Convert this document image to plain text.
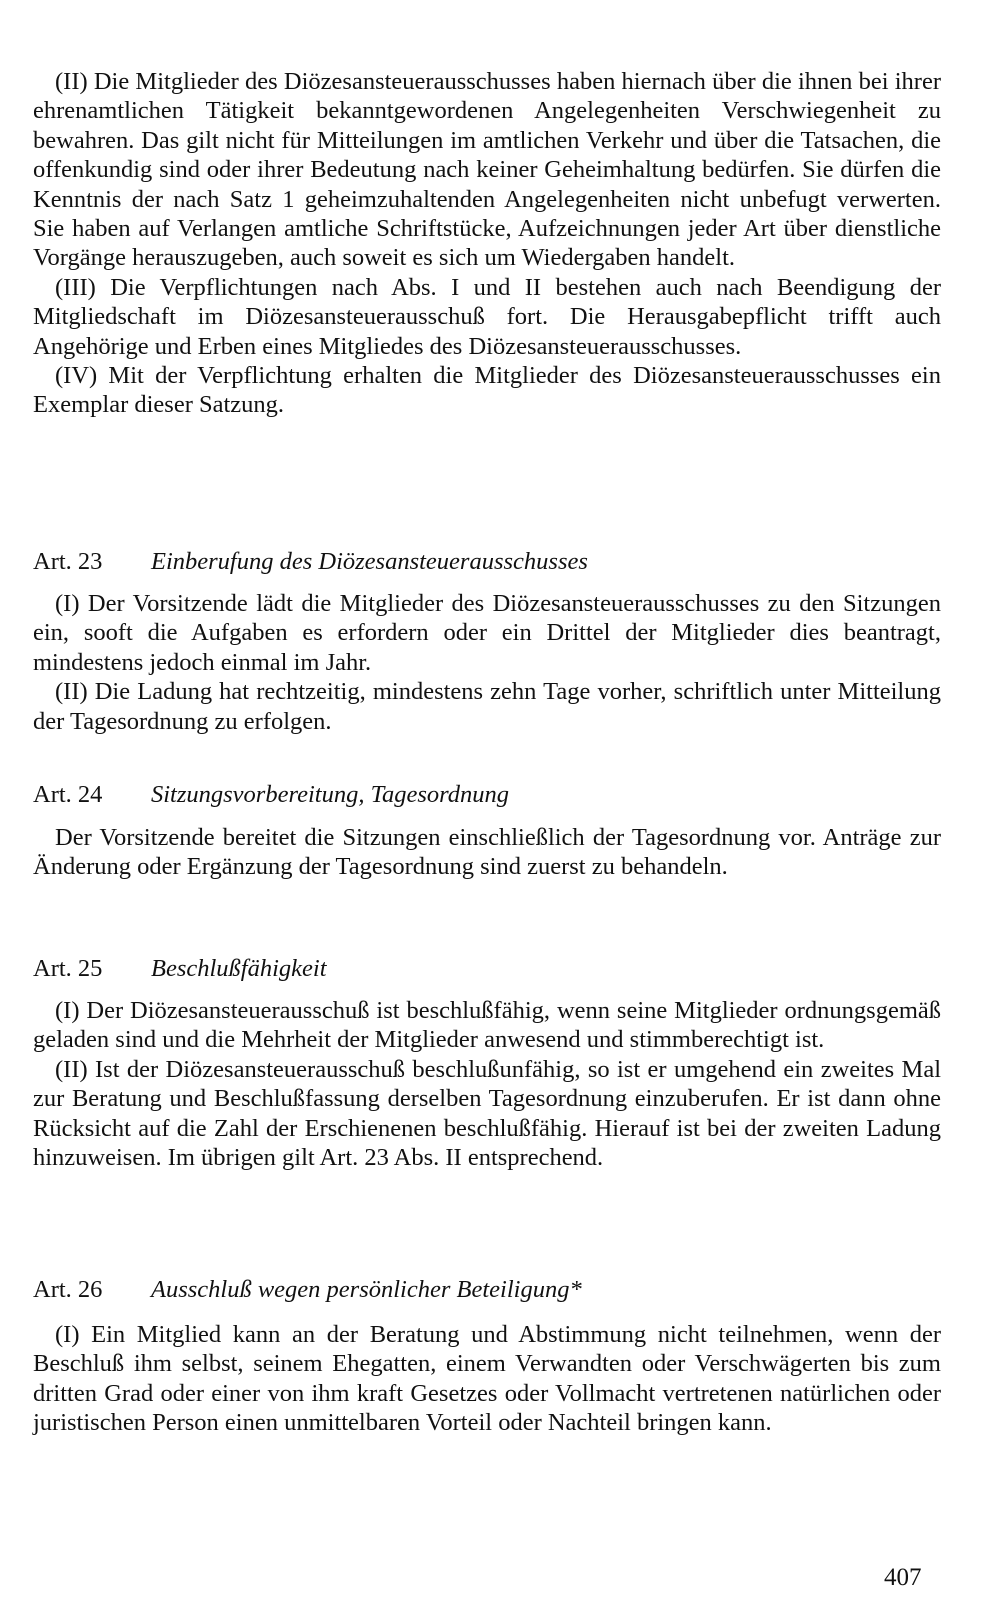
(II) Die Mitglieder des Diözesansteuerausschusses haben hiernach über die ihnen bei ihrer ehrenamtlichen Tätigkeit bekanntgewordenen Angelegenheiten Verschwiegenheit zu bewahren. Das gilt nicht für Mitteilungen im amtlichen Verkehr und über die Tatsachen, die offenkundig sind oder ihrer Bedeutung nach keiner Geheimhaltung bedürfen. Sie dürfen die Kenntnis der nach Satz 1 geheimzuhaltenden Angelegenheiten nicht unbefugt verwerten. Sie haben auf Verlangen amtliche Schriftstücke, Aufzeichnungen jeder Art über dienstliche Vorgänge herauszugeben, auch soweit es sich um Wiedergaben handelt.

(III) Die Verpflichtungen nach Abs. I und II bestehen auch nach Beendigung der Mitgliedschaft im Diözesansteuerausschuß fort. Die Herausgabepflicht trifft auch Angehörige und Erben eines Mitgliedes des Diözesansteuerausschusses.

(IV) Mit der Verpflichtung erhalten die Mitglieder des Diözesansteuerausschusses ein Exemplar dieser Satzung.

Art. 23 Einberufung des Diözesansteuerausschusses

(I) Der Vorsitzende lädt die Mitglieder des Diözesansteuerausschusses zu den Sitzungen ein, sooft die Aufgaben es erfordern oder ein Drittel der Mitglieder dies beantragt, mindestens jedoch einmal im Jahr.

(II) Die Ladung hat rechtzeitig, mindestens zehn Tage vorher, schriftlich unter Mitteilung der Tagesordnung zu erfolgen.

Art. 24 Sitzungsvorbereitung, Tagesordnung

Der Vorsitzende bereitet die Sitzungen einschließlich der Tagesordnung vor. Anträge zur Änderung oder Ergänzung der Tagesordnung sind zuerst zu behandeln.

Art. 25 Beschlußfähigkeit

(I) Der Diözesansteuerausschuß ist beschlußfähig, wenn seine Mitglieder ordnungsgemäß geladen sind und die Mehrheit der Mitglieder anwesend und stimmberechtigt ist.

(II) Ist der Diözesansteuerausschuß beschlußunfähig, so ist er umgehend ein zweites Mal zur Beratung und Beschlußfassung derselben Tagesordnung einzuberufen. Er ist dann ohne Rücksicht auf die Zahl der Erschienenen beschlußfähig. Hierauf ist bei der zweiten Ladung hinzuweisen. Im übrigen gilt Art. 23 Abs. II entsprechend.

Art. 26 Ausschluß wegen persönlicher Beteiligung*

(I) Ein Mitglied kann an der Beratung und Abstimmung nicht teilnehmen, wenn der Beschluß ihm selbst, seinem Ehegatten, einem Verwandten oder Verschwägerten bis zum dritten Grad oder einer von ihm kraft Gesetzes oder Vollmacht vertretenen natürlichen oder juristischen Person einen unmittelbaren Vorteil oder Nachteil bringen kann.

407
